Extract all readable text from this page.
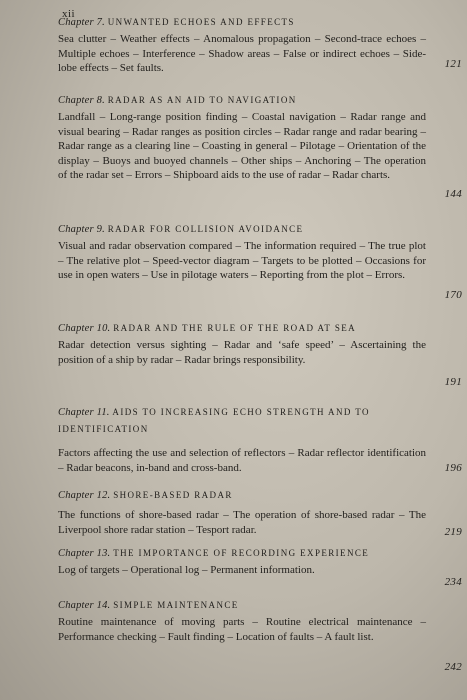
xii
Chapter 7. UNWANTED ECHOES AND EFFECTS
Sea clutter – Weather effects – Anomalous propagation – Second-trace echoes – Multiple echoes – Interference – Shadow areas – False or indirect echoes – Side-lobe effects – Set faults.	121
Chapter 8. RADAR AS AN AID TO NAVIGATION
Landfall – Long-range position finding – Coastal navigation – Radar range and visual bearing – Radar ranges as position circles – Radar range and radar bearing – Radar range as a clearing line – Coasting in general – Pilotage – Orientation of the display – Buoys and buoyed channels – Other ships – Anchoring – The operation of the radar set – Errors – Shipboard aids to the use of radar – Radar charts.
144
Chapter 9. RADAR FOR COLLISION AVOIDANCE
Visual and radar observation compared – The information required – The true plot – The relative plot – Speed-vector diagram – Targets to be plotted – Occasions for use in open waters – Use in pilotage waters – Reporting from the plot – Errors.
170
Chapter 10. RADAR AND THE RULE OF THE ROAD AT SEA
Radar detection versus sighting – Radar and ‘safe speed’ – Ascertaining the position of a ship by radar – Radar brings responsibility.
191
Chapter 11. AIDS TO INCREASING ECHO STRENGTH AND TO IDENTIFICATION
Factors affecting the use and selection of reflectors – Radar reflector identification – Radar beacons, in-band and cross-band.	196
Chapter 12. SHORE-BASED RADAR
The functions of shore-based radar – The operation of shore-based radar – The Liverpool shore radar station – Tesport radar.	219
Chapter 13. THE IMPORTANCE OF RECORDING EXPERIENCE
Log of targets – Operational log – Permanent information.
234
Chapter 14. SIMPLE MAINTENANCE
Routine maintenance of moving parts – Routine electrical maintenance – Performance checking – Fault finding – Location of faults – A fault list.
242
